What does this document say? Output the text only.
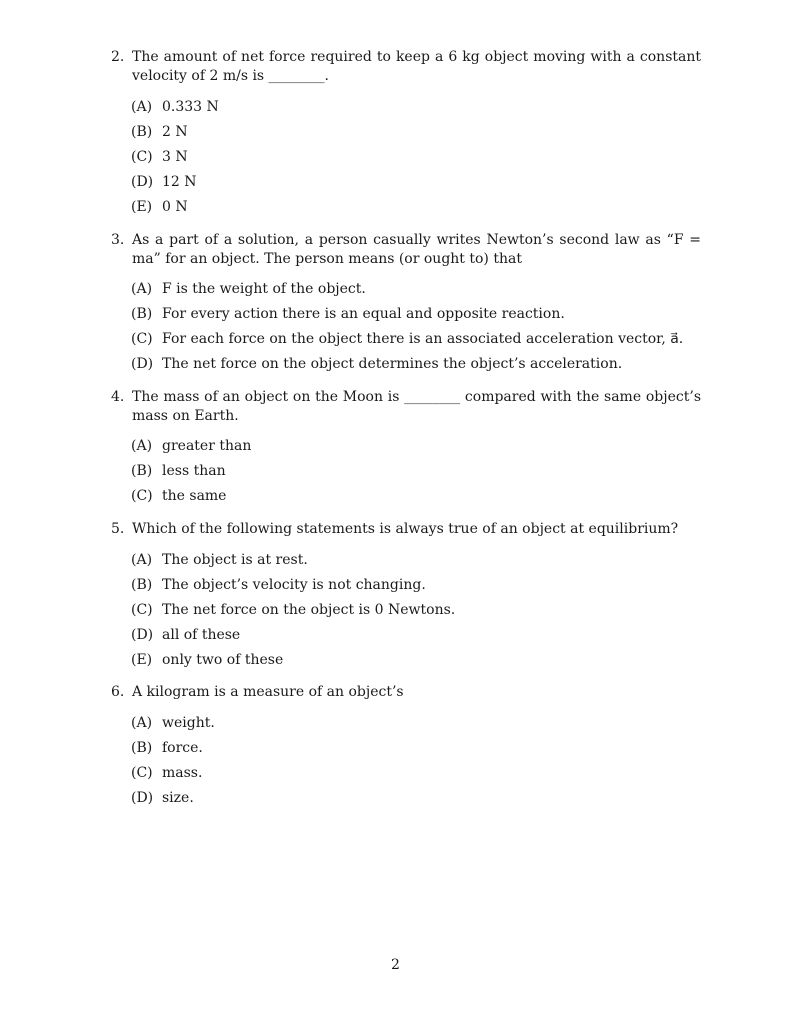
2. The amount of net force required to keep a 6 kg object moving with a constant velocity of 2 m/s is ________.

(A) 0.333 N
(B) 2 N
(C) 3 N
(D) 12 N
(E) 0 N

3. As a part of a solution, a person casually writes Newton’s second law as “F = ma” for an object. The person means (or ought to) that

(A) F is the weight of the object.
(B) For every action there is an equal and opposite reaction.
(C) For each force on the object there is an associated acceleration vector, a⃗.
(D) The net force on the object determines the object’s acceleration.

4. The mass of an object on the Moon is ________ compared with the same object’s mass on Earth.

(A) greater than
(B) less than
(C) the same

5. Which of the following statements is always true of an object at equilibrium?

(A) The object is at rest.
(B) The object’s velocity is not changing.
(C) The net force on the object is 0 Newtons.
(D) all of these
(E) only two of these

6. A kilogram is a measure of an object’s

(A) weight.
(B) force.
(C) mass.
(D) size.
2
